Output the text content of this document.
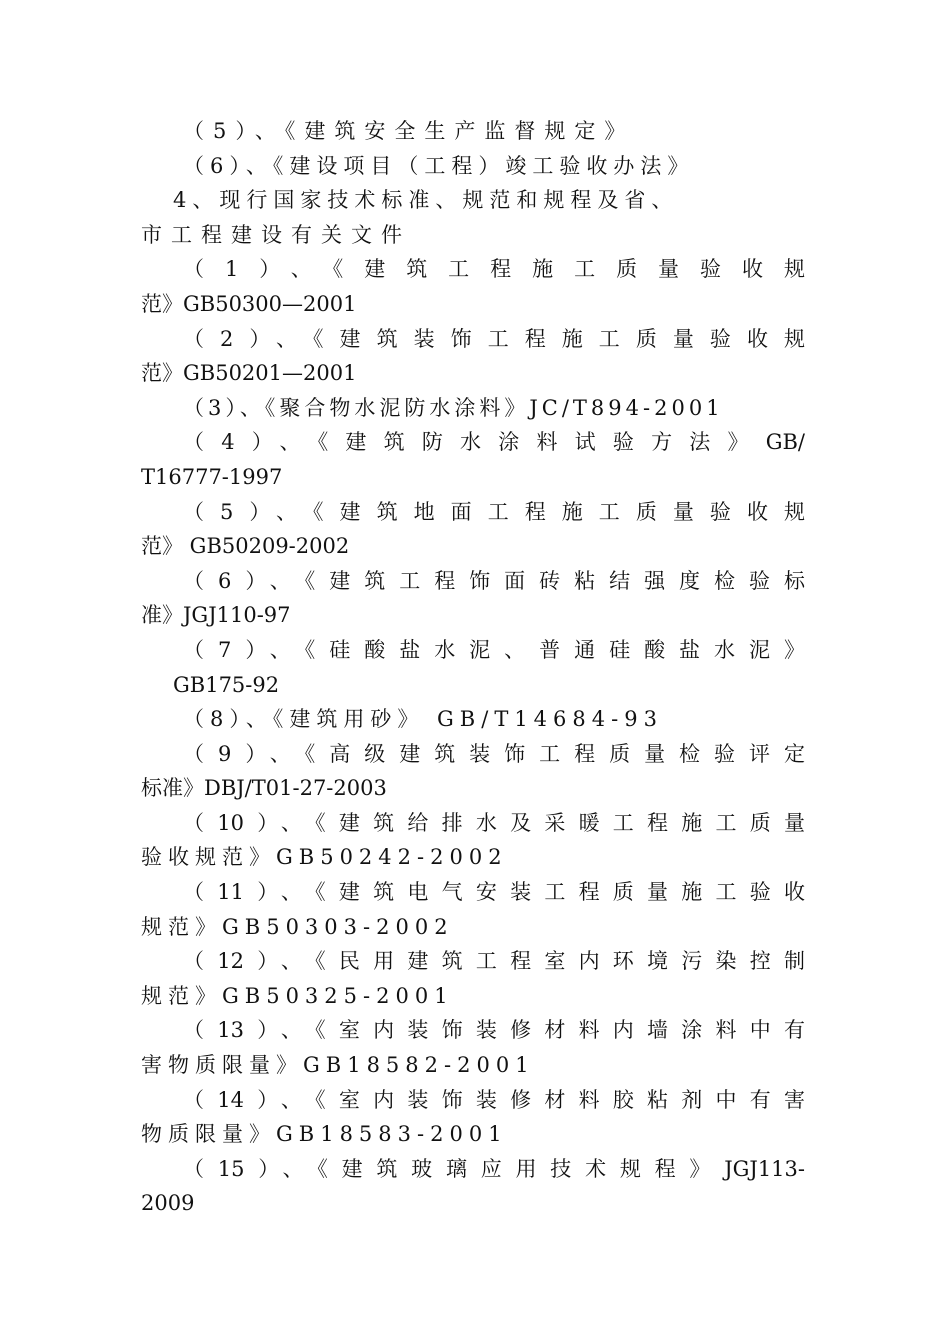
（5）、《建筑安全生产监督规定》
（6）、《建设项目（工程）竣工验收办法》
4、现行国家技术标准、规范和规程及省、
市工程建设有关文件
（1）、《建筑工程施工质量验收规
范》GB50300—2001
（2）、《建筑装饰工程施工质量验收规
范》GB50201—2001
（3）、《聚合物水泥防水涂料》JC/T894-2001
（4）、《建筑防水涂料试验方法》GB/
T16777-1997
（5）、《建筑地面工程施工质量验收规
范》 GB50209-2002
（6）、《建筑工程饰面砖粘结强度检验标
准》JGJ110-97
（7）、《硅酸盐水泥、普通硅酸盐水泥》
GB175-92
（8）、《建筑用砂》 GB/T14684-93
（9）、《高级建筑装饰工程质量检验评定
标准》DBJ/T01-27-2003
（10）、《建筑给排水及采暖工程施工质量
验收规范》GB50242-2002
（11）、《建筑电气安装工程质量施工验收
规范》GB50303-2002
（12）、《民用建筑工程室内环境污染控制
规范》GB50325-2001
（13）、《室内装饰装修材料内墙涂料中有
害物质限量》GB18582-2001
（14）、《室内装饰装修材料胶粘剂中有害
物质限量》GB18583-2001
（15）、《建筑玻璃应用技术规程》JGJ113-
2009
